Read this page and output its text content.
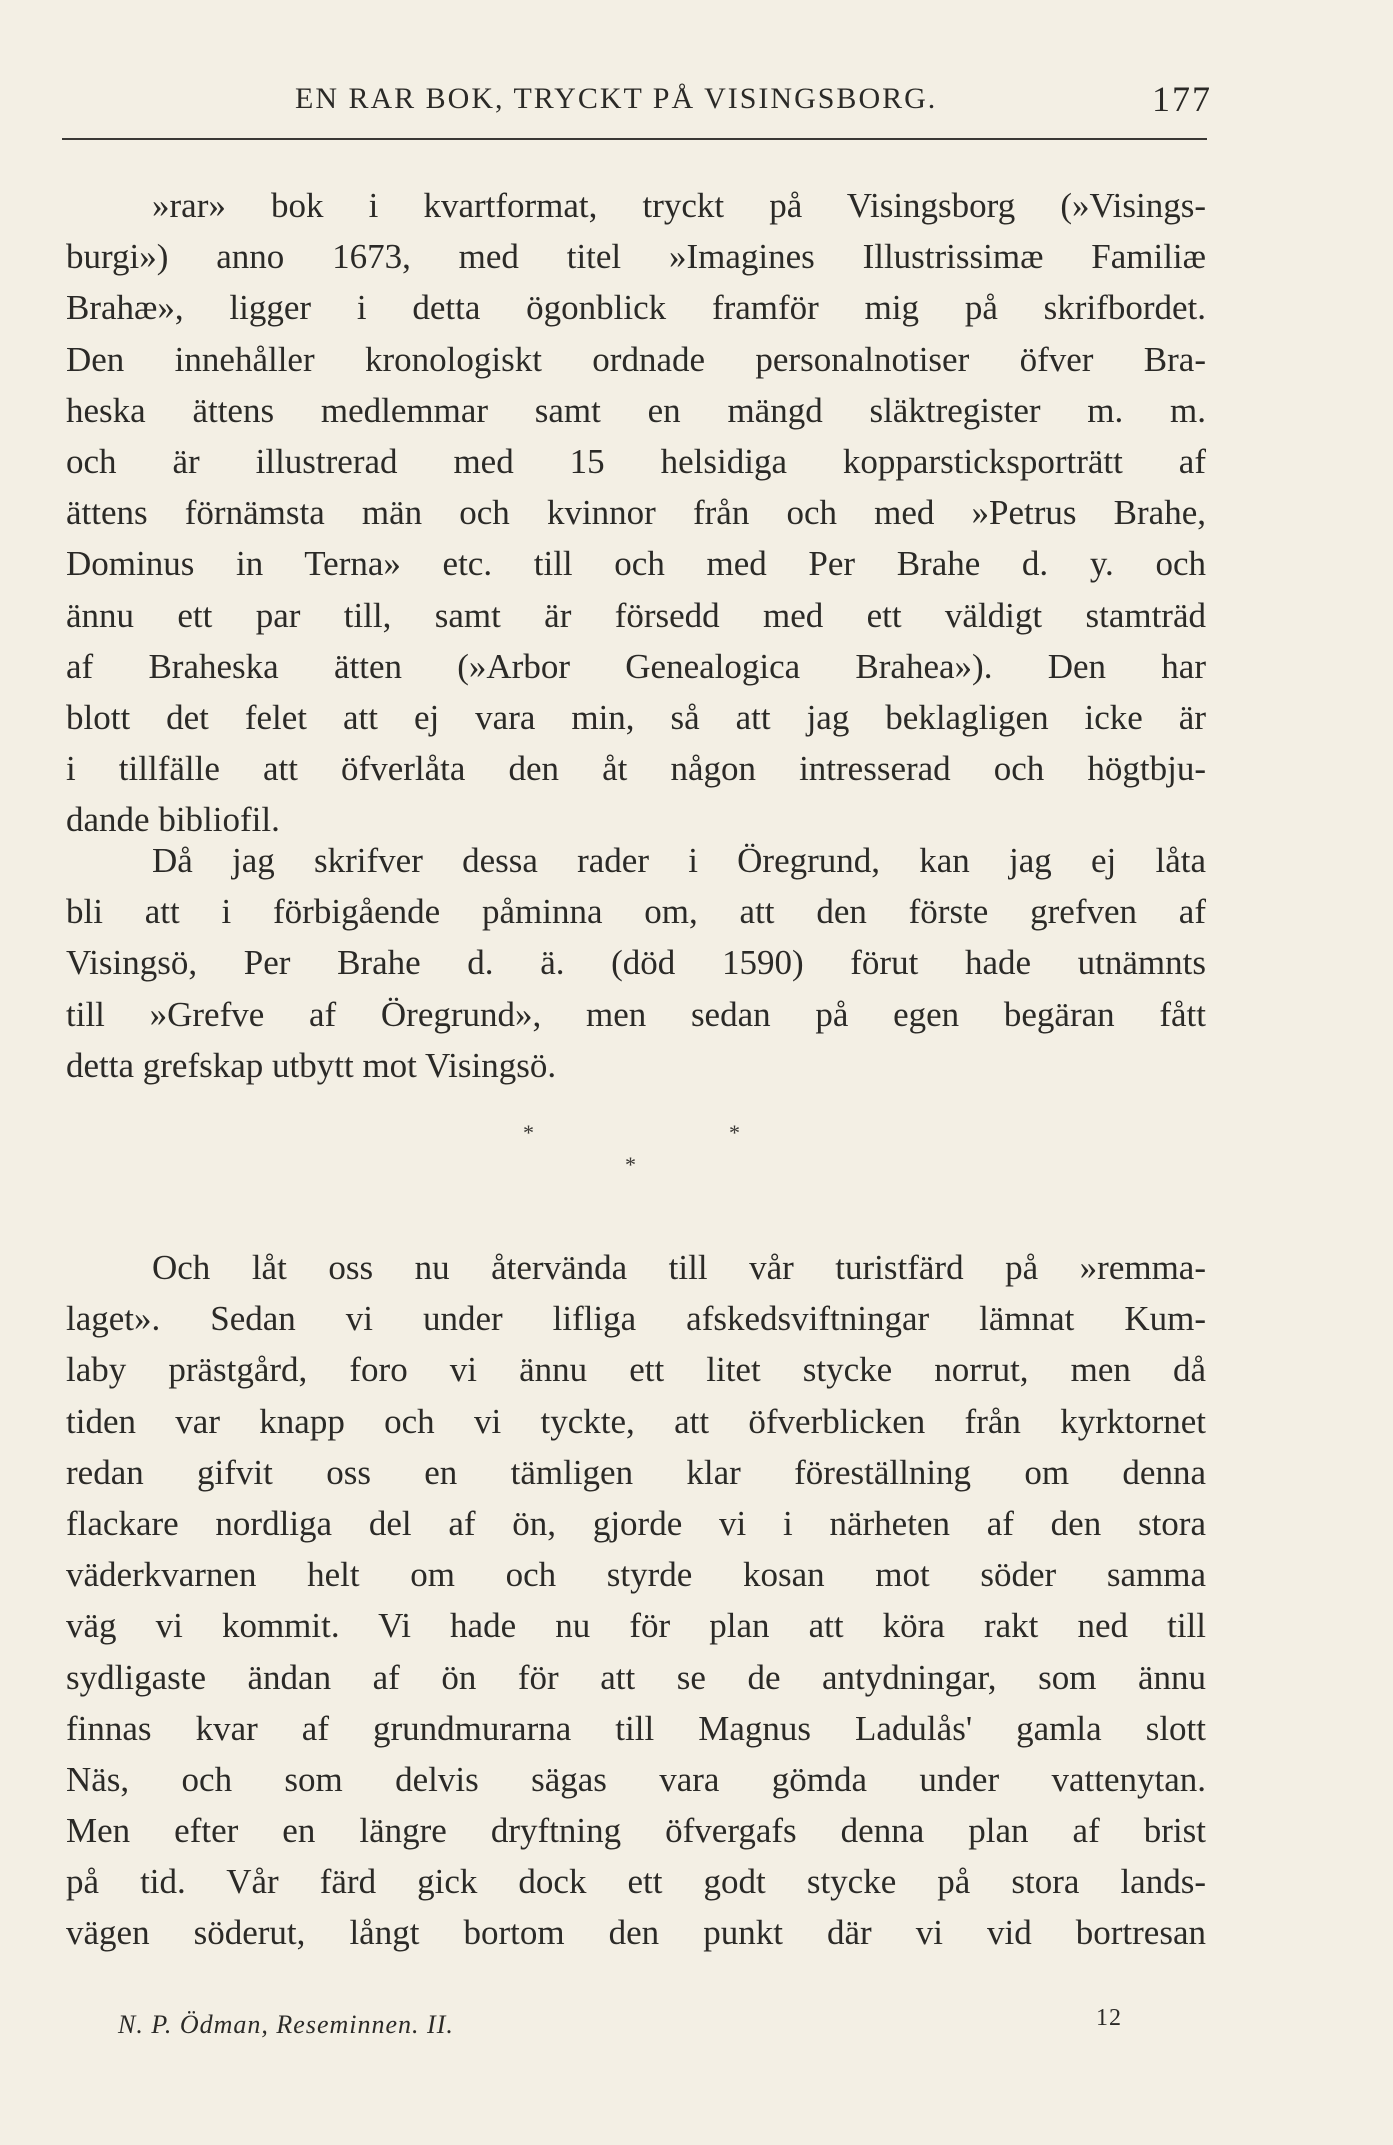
EN RAR BOK, TRYCKT PÅ VISINGSBORG.	177
»rar» bok i kvartformat, tryckt på Visingsborg (»Visings-
burgi») anno 1673, med titel »Imagines Illustrissimæ Familiæ
Brahæ», ligger i detta ögonblick framför mig på skrifbordet.
Den innehåller kronologiskt ordnade personalnotiser öfver Bra-
heska ättens medlemmar samt en mängd släktregister m. m.
och är illustrerad med 15 helsidiga kopparsticksporträtt af
ättens förnämsta män och kvinnor från och med »Petrus Brahe,
Dominus in Terna» etc. till och med Per Brahe d. y. och
ännu ett par till, samt är försedd med ett väldigt stamträd
af Braheska ätten (»Arbor Genealogica Brahea»). Den har
blott det felet att ej vara min, så att jag beklagligen icke är
i tillfälle att öfverlåta den åt någon intresserad och högtbju-
dande bibliofil.
Då jag skrifver dessa rader i Öregrund, kan jag ej låta
bli att i förbigående påminna om, att den förste grefven af
Visingsö, Per Brahe d. ä. (död 1590) förut hade utnämnts
till »Grefve af Öregrund», men sedan på egen begäran fått
detta grefskap utbytt mot Visingsö.
*	*
*
Och låt oss nu återvända till vår turistfärd på »remma-
laget». Sedan vi under lifliga afskedsviftningar lämnat Kum-
laby prästgård, foro vi ännu ett litet stycke norrut, men då
tiden var knapp och vi tyckte, att öfverblicken från kyrktornet
redan gifvit oss en tämligen klar föreställning om denna
flackare nordliga del af ön, gjorde vi i närheten af den stora
väderkvarnen helt om och styrde kosan mot söder samma
väg vi kommit. Vi hade nu för plan att köra rakt ned till
sydligaste ändan af ön för att se de antydningar, som ännu
finnas kvar af grundmurarna till Magnus Ladulås' gamla slott
Näs, och som delvis sägas vara gömda under vattenytan.
Men efter en längre dryftning öfvergafs denna plan af brist
på tid. Vår färd gick dock ett godt stycke på stora lands-
vägen söderut, långt bortom den punkt där vi vid bortresan
N. P. Ödman, Reseminnen. II.	12
